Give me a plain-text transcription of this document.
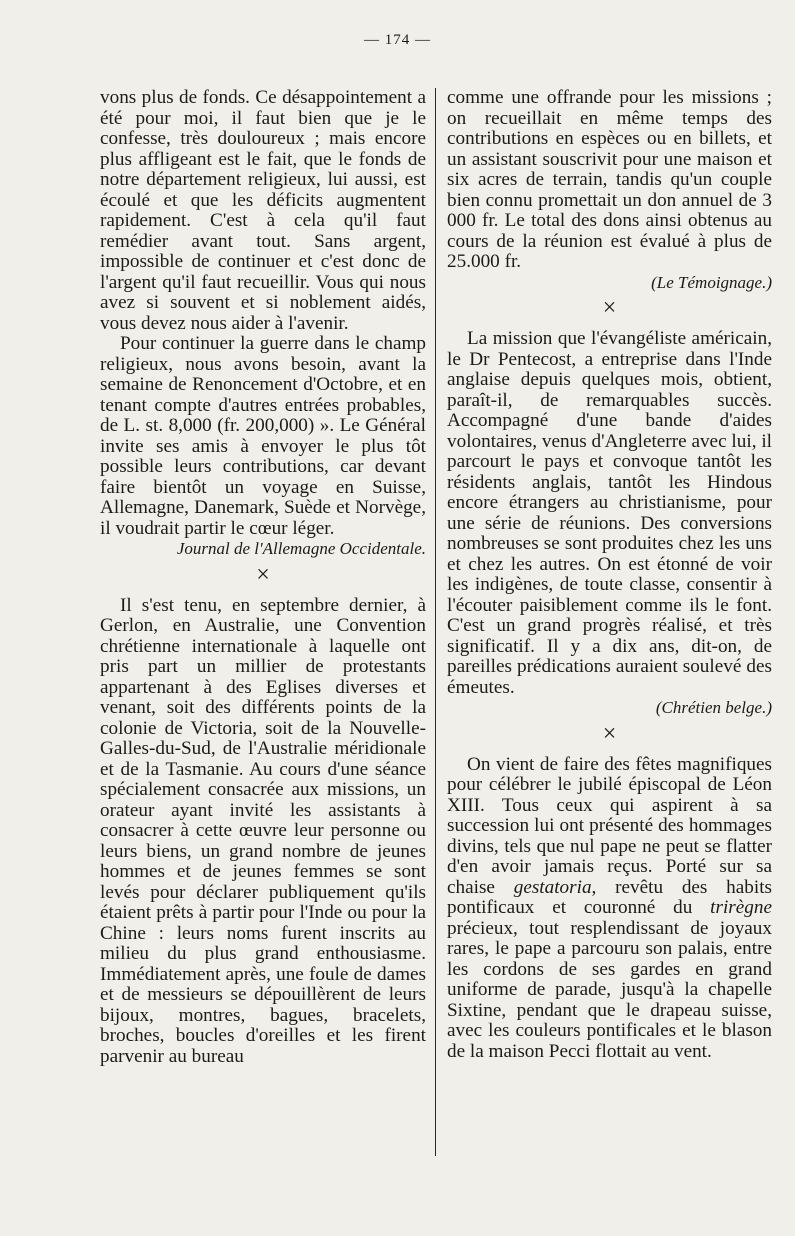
— 174 —

vons plus de fonds. Ce désappointement a été pour moi, il faut bien que je le confesse, très douloureux ; mais encore plus affligeant est le fait, que le fonds de notre département religieux, lui aussi, est écoulé et que les déficits augmentent rapidement. C'est à cela qu'il faut remédier avant tout. Sans argent, impossible de continuer et c'est donc de l'argent qu'il faut recueillir. Vous qui nous avez si souvent et si noblement aidés, vous devez nous aider à l'avenir.

Pour continuer la guerre dans le champ religieux, nous avons besoin, avant la semaine de Renoncement d'Octobre, et en tenant compte d'autres entrées probables, de L. st. 8,000 (fr. 200,000) ». Le Général invite ses amis à envoyer le plus tôt possible leurs contributions, car devant faire bientôt un voyage en Suisse, Allemagne, Danemark, Suède et Norvège, il voudrait partir le cœur léger.

Journal de l'Allemagne Occidentale.

×

Il s'est tenu, en septembre dernier, à Gerlon, en Australie, une Convention chrétienne internationale à laquelle ont pris part un millier de protestants appartenant à des Eglises diverses et venant, soit des différents points de la colonie de Victoria, soit de la Nouvelle-Galles-du-Sud, de l'Australie méridionale et de la Tasmanie. Au cours d'une séance spécialement consacrée aux missions, un orateur ayant invité les assistants à consacrer à cette œuvre leur personne ou leurs biens, un grand nombre de jeunes hommes et de jeunes femmes se sont levés pour déclarer publiquement qu'ils étaient prêts à partir pour l'Inde ou pour la Chine : leurs noms furent inscrits au milieu du plus grand enthousiasme. Immédiatement après, une foule de dames et de messieurs se dépouillèrent de leurs bijoux, montres, bagues, bracelets, broches, boucles d'oreilles et les firent parvenir au bureau

comme une offrande pour les missions ; on recueillait en même temps des contributions en espèces ou en billets, et un assistant souscrivit pour une maison et six acres de terrain, tandis qu'un couple bien connu promettait un don annuel de 3 000 fr. Le total des dons ainsi obtenus au cours de la réunion est évalué à plus de 25.000 fr.

(Le Témoignage.)

×

La mission que l'évangéliste américain, le Dr Pentecost, a entreprise dans l'Inde anglaise depuis quelques mois, obtient, paraît-il, de remarquables succès. Accompagné d'une bande d'aides volontaires, venus d'Angleterre avec lui, il parcourt le pays et convoque tantôt les résidents anglais, tantôt les Hindous encore étrangers au christianisme, pour une série de réunions. Des conversions nombreuses se sont produites chez les uns et chez les autres. On est étonné de voir les indigènes, de toute classe, consentir à l'écouter paisiblement comme ils le font. C'est un grand progrès réalisé, et très significatif. Il y a dix ans, dit-on, de pareilles prédications auraient soulevé des émeutes.

(Chrétien belge.)

×

On vient de faire des fêtes magnifiques pour célébrer le jubilé épiscopal de Léon XIII. Tous ceux qui aspirent à sa succession lui ont présenté des hommages divins, tels que nul pape ne peut se flatter d'en avoir jamais reçus. Porté sur sa chaise gestatoria, revêtu des habits pontificaux et couronné du trirègne précieux, tout resplendissant de joyaux rares, le pape a parcouru son palais, entre les cordons de ses gardes en grand uniforme de parade, jusqu'à la chapelle Sixtine, pendant que le drapeau suisse, avec les couleurs pontificales et le blason de la maison Pecci flottait au vent.
